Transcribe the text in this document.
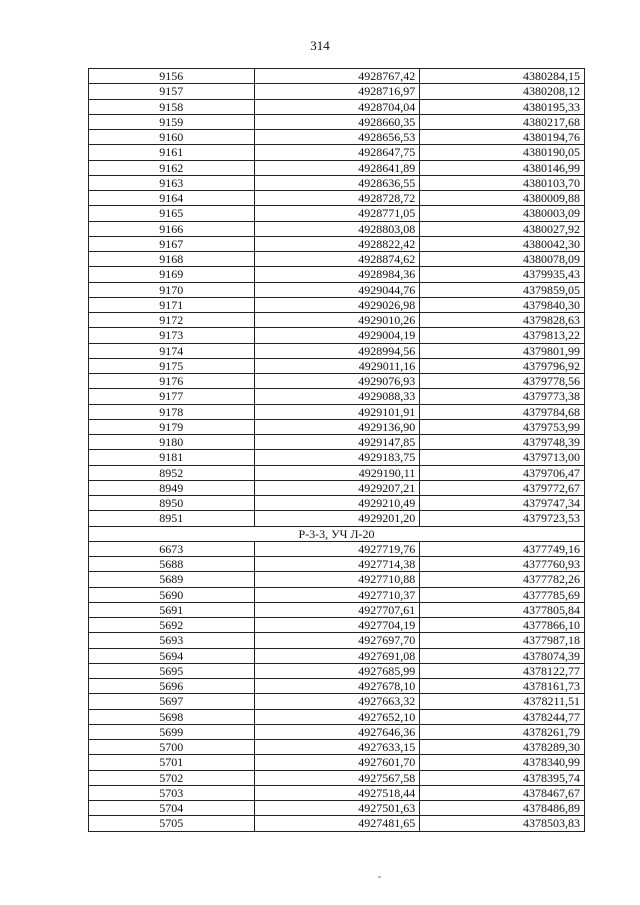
314
9156	4928767,42	4380284,15
9157	4928716,97	4380208,12
9158	4928704,04	4380195,33
9159	4928660,35	4380217,68
9160	4928656,53	4380194,76
9161	4928647,75	4380190,05
9162	4928641,89	4380146,99
9163	4928636,55	4380103,70
9164	4928728,72	4380009,88
9165	4928771,05	4380003,09
9166	4928803,08	4380027,92
9167	4928822,42	4380042,30
9168	4928874,62	4380078,09
9169	4928984,36	4379935,43
9170	4929044,76	4379859,05
9171	4929026,98	4379840,30
9172	4929010,26	4379828,63
9173	4929004,19	4379813,22
9174	4928994,56	4379801,99
9175	4929011,16	4379796,92
9176	4929076,93	4379778,56
9177	4929088,33	4379773,38
9178	4929101,91	4379784,68
9179	4929136,90	4379753,99
9180	4929147,85	4379748,39
9181	4929183,75	4379713,00
8952	4929190,11	4379706,47
8949	4929207,21	4379772,67
8950	4929210,49	4379747,34
8951	4929201,20	4379723,53
Р-3-3, УЧ Л-20		
6673	4927719,76	4377749,16
5688	4927714,38	4377760,93
5689	4927710,88	4377782,26
5690	4927710,37	4377785,69
5691	4927707,61	4377805,84
5692	4927704,19	4377866,10
5693	4927697,70	4377987,18
5694	4927691,08	4378074,39
5695	4927685,99	4378122,77
5696	4927678,10	4378161,73
5697	4927663,32	4378211,51
5698	4927652,10	4378244,77
5699	4927646,36	4378261,79
5700	4927633,15	4378289,30
5701	4927601,70	4378340,99
5702	4927567,58	4378395,74
5703	4927518,44	4378467,67
5704	4927501,63	4378486,89
5705	4927481,65	4378503,83
